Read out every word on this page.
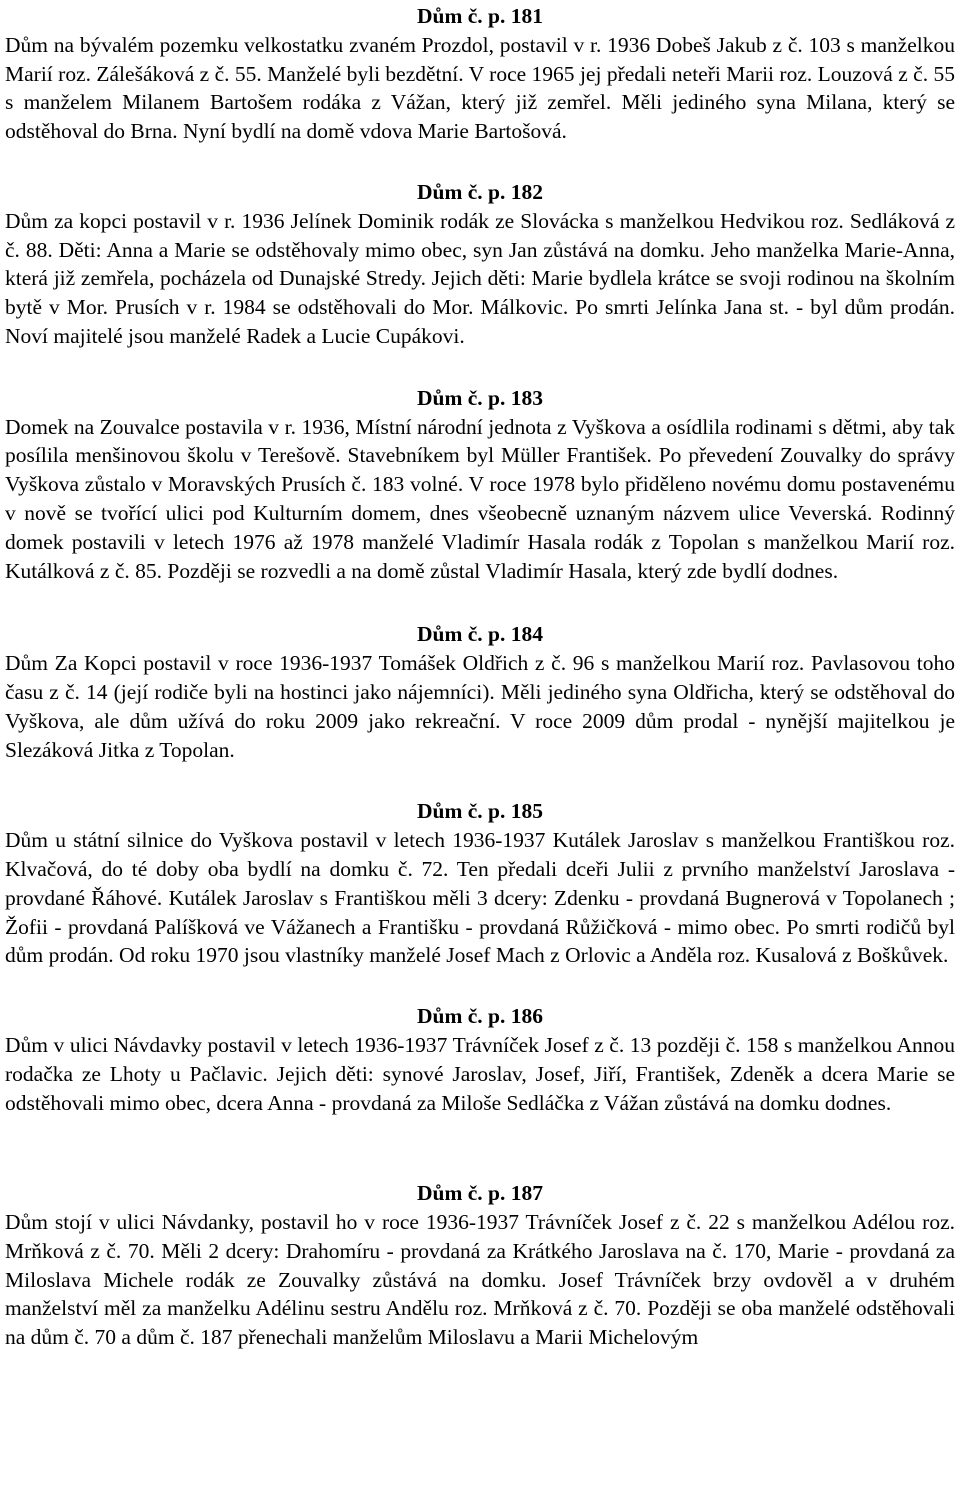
Dům č. p. 181

Dům na bývalém pozemku velkostatku zvaném Prozdol, postavil v r. 1936 Dobeš Jakub z č. 103 s manželkou Marií roz. Zálešáková z č. 55. Manželé byli bezdětní. V roce 1965 jej předali neteři Marii roz. Louzová z č. 55 s manželem Milanem Bartošem rodáka z Vážan, který již zemřel. Měli jediného syna Milana, který se odstěhoval do Brna. Nyní bydlí na domě vdova Marie Bartošová.

Dům č. p. 182

Dům za kopci postavil v r. 1936 Jelínek Dominik rodák ze Slovácka s manželkou Hedvikou roz. Sedláková z č. 88. Děti: Anna a Marie se odstěhovaly mimo obec, syn Jan zůstává na domku. Jeho manželka Marie-Anna, která již zemřela, pocházela od Dunajské Stredy. Jejich děti: Marie bydlela krátce se svoji rodinou na školním bytě v Mor. Prusích v r. 1984 se odstěhovali do Mor. Málkovic. Po smrti Jelínka Jana st. - byl dům prodán. Noví majitelé jsou manželé Radek a Lucie Cupákovi.

Dům č. p. 183

Domek na Zouvalce postavila v r. 1936, Místní národní jednota z Vyškova a osídlila rodinami s dětmi, aby tak posílila menšinovou školu v Terešově. Stavebníkem byl Müller František. Po převedení Zouvalky do správy Vyškova zůstalo v Moravských Prusích č. 183 volné. V roce 1978 bylo přiděleno novému domu postavenému v nově se tvořící ulici pod Kulturním domem, dnes všeobecně uznaným názvem ulice Veverská. Rodinný domek postavili v letech 1976 až 1978 manželé Vladimír Hasala rodák z Topolan s manželkou Marií roz. Kutálková z č. 85. Později se rozvedli a na domě zůstal Vladimír Hasala, který zde bydlí dodnes.

Dům č. p. 184

Dům Za Kopci postavil v roce 1936-1937 Tomášek Oldřich z č. 96 s manželkou Marií roz. Pavlasovou toho času z č. 14 (její rodiče byli na hostinci jako nájemníci). Měli jediného syna Oldřicha, který se odstěhoval do Vyškova, ale dům užívá do roku 2009 jako rekreační. V roce 2009 dům prodal - nynější majitelkou je Slezáková Jitka z Topolan.

Dům č. p. 185

Dům u státní silnice do Vyškova postavil v letech 1936-1937 Kutálek Jaroslav s manželkou Františkou roz. Klvačová, do té doby oba bydlí na domku č. 72. Ten předali dceři Julii z prvního manželství Jaroslava - provdané Řáhové. Kutálek Jaroslav s Františkou měli 3 dcery: Zdenku - provdaná Bugnerová v Topolanech ; Žofii - provdaná Palíšková ve Vážanech a Františku - provdaná Růžičková - mimo obec. Po smrti rodičů byl dům prodán. Od roku 1970 jsou vlastníky manželé Josef Mach z Orlovic a Anděla roz. Kusalová z Boškůvek.

Dům č. p. 186

Dům v ulici Návdavky postavil v letech 1936-1937 Trávníček Josef z č. 13 později č. 158 s manželkou Annou rodačka ze Lhoty u Pačlavic. Jejich děti: synové Jaroslav, Josef, Jiří, František, Zdeněk a dcera Marie se odstěhovali mimo obec, dcera Anna - provdaná za Miloše Sedláčka z Vážan zůstává na domku dodnes.

Dům č. p. 187

Dům stojí v ulici Návdanky, postavil ho v roce 1936-1937 Trávníček Josef z č. 22 s manželkou Adélou roz. Mrňková z č. 70. Měli 2 dcery: Drahomíru - provdaná za Krátkého Jaroslava na č. 170, Marie - provdaná za Miloslava Michele rodák ze Zouvalky zůstává na domku. Josef Trávníček brzy ovdověl a v druhém manželství měl za manželku Adélinu sestru Andělu roz. Mrňková z č. 70. Později se oba manželé odstěhovali na dům č. 70 a dům č. 187 přenechali manželům Miloslavu a Marii Michelovým
